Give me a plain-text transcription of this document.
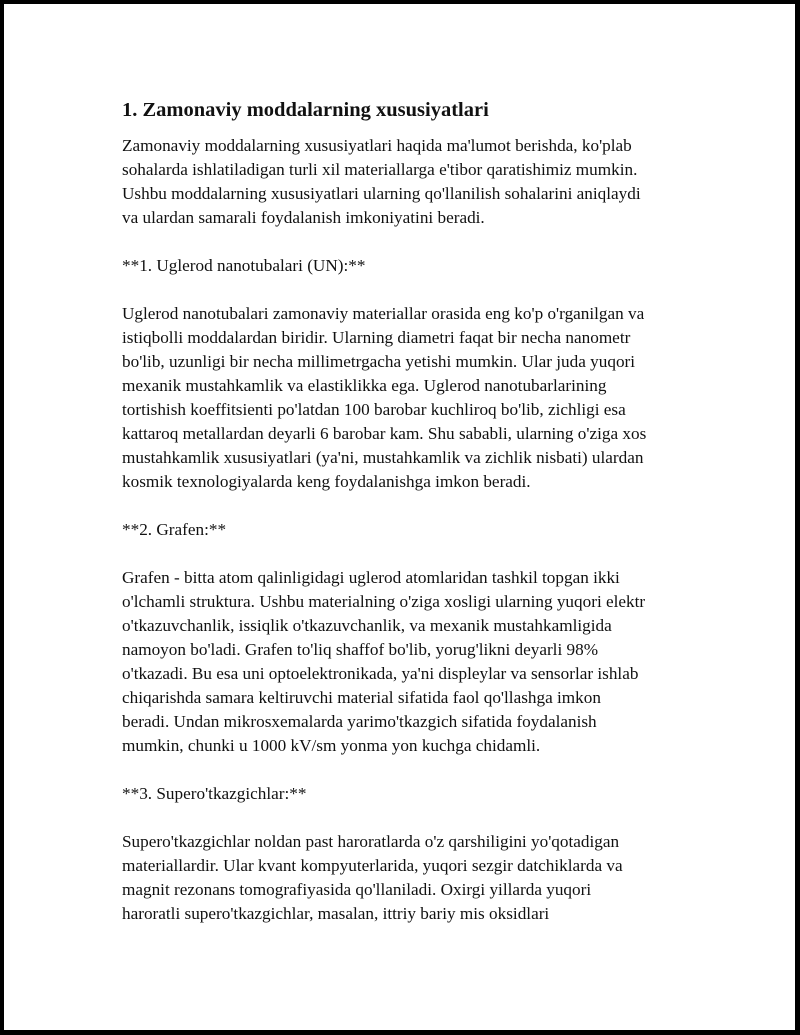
1. Zamonaviy moddalarning xususiyatlari
Zamonaviy moddalarning xususiyatlari haqida ma'lumot berishda, ko'plab
sohalarda ishlatiladigan turli xil materiallarga e'tibor qaratishimiz mumkin.
Ushbu moddalarning xususiyatlari ularning qo'llanilish sohalarini aniqlaydi
va ulardan samarali foydalanish imkoniyatini beradi.
**1. Uglerod nanotubalari (UN):**
Uglerod nanotubalari zamonaviy materiallar orasida eng ko'p o'rganilgan va
istiqbolli moddalardan biridir. Ularning diametri faqat bir necha nanometr
bo'lib, uzunligi bir necha millimetrgacha yetishi mumkin. Ular juda yuqori
mexanik mustahkamlik va elastiklikka ega. Uglerod nanotubarlarining
tortishish koeffitsienti po'latdan 100 barobar kuchliroq bo'lib, zichligi esa
kattaroq metallardan deyarli 6 barobar kam. Shu sababli, ularning o'ziga xos
mustahkamlik xususiyatlari (ya'ni, mustahkamlik va zichlik nisbati) ulardan
kosmik texnologiyalarda keng foydalanishga imkon beradi.
**2. Grafen:**
Grafen - bitta atom qalinligidagi uglerod atomlaridan tashkil topgan ikki
o'lchamli struktura. Ushbu materialning o'ziga xosligi ularning yuqori elektr
o'tkazuvchanlik, issiqlik o'tkazuvchanlik, va mexanik mustahkamligida
namoyon bo'ladi. Grafen to'liq shaffof bo'lib, yorug'likni deyarli 98%
o'tkazadi. Bu esa uni optoelektronikada, ya'ni displeylar va sensorlar ishlab
chiqarishda samara keltiruvchi material sifatida faol qo'llashga imkon
beradi. Undan mikrosxemalarda yarimo'tkazgich sifatida foydalanish
mumkin, chunki u 1000 kV/sm yonma yon kuchga chidamli.
**3. Supero'tkazgichlar:**
Supero'tkazgichlar noldan past haroratlarda o'z qarshiligini yo'qotadigan
materiallardir. Ular kvant kompyuterlarida, yuqori sezgir datchiklarda va
magnit rezonans tomografiyasida qo'llaniladi. Oxirgi yillarda yuqori
haroratli supero'tkazgichlar, masalan, ittriy bariy mis oksidlari
